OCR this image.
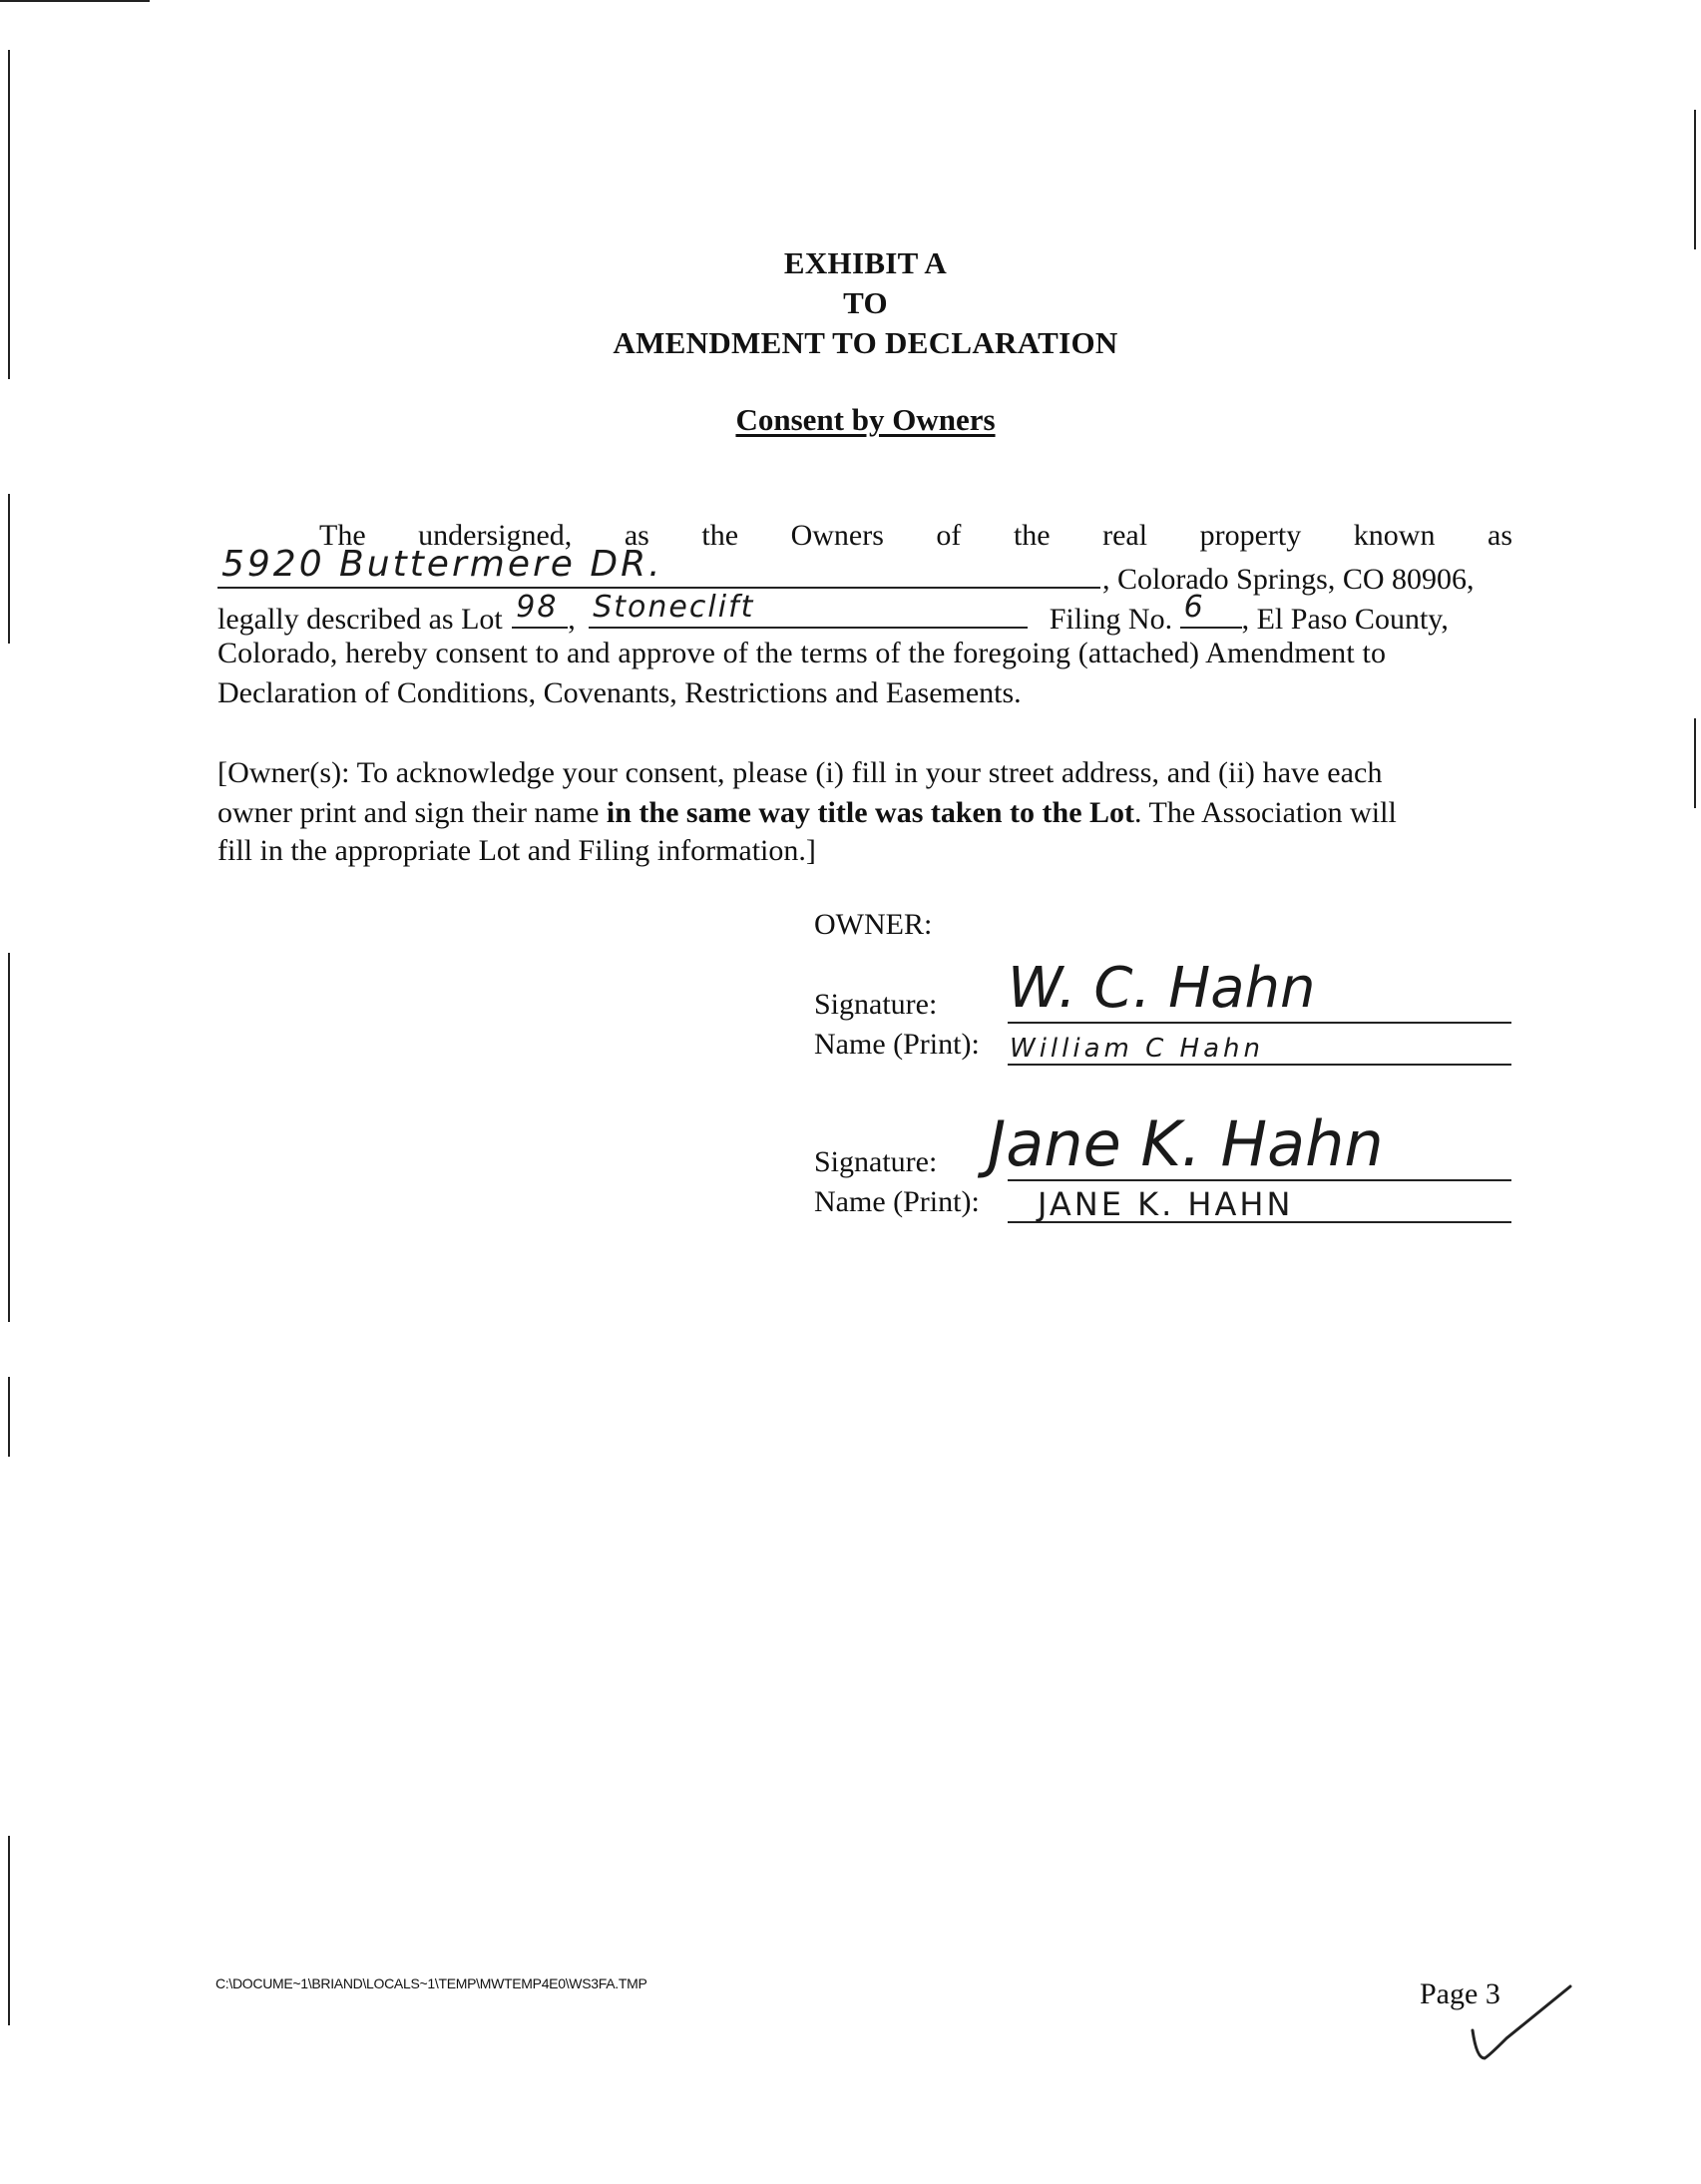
EXHIBIT A
TO
AMENDMENT TO DECLARATION
Consent by Owners
The undersigned, as the Owners of the real property known as
5920 Buttermere DR.	, Colorado Springs, CO 80906,
legally described as Lot 98 , Stoneclift	Filing No. 6 , El Paso County,
Colorado, hereby consent to and approve of the terms of the foregoing (attached) Amendment to
Declaration of Conditions, Covenants, Restrictions and Easements.
[Owner(s): To acknowledge your consent, please (i) fill in your street address, and (ii) have each
owner print and sign their name in the same way title was taken to the Lot. The Association will
fill in the appropriate Lot and Filing information.]
OWNER:
Signature: W. C. Hahn
Name (Print): William C Hahn
Signature: Jane K. Hahn
Name (Print): JANE K. HAHN
C:\DOCUME~1\BRIAND\LOCALS~1\TEMP\MWTEMP4E0\WS3FA.TMP	Page 3
